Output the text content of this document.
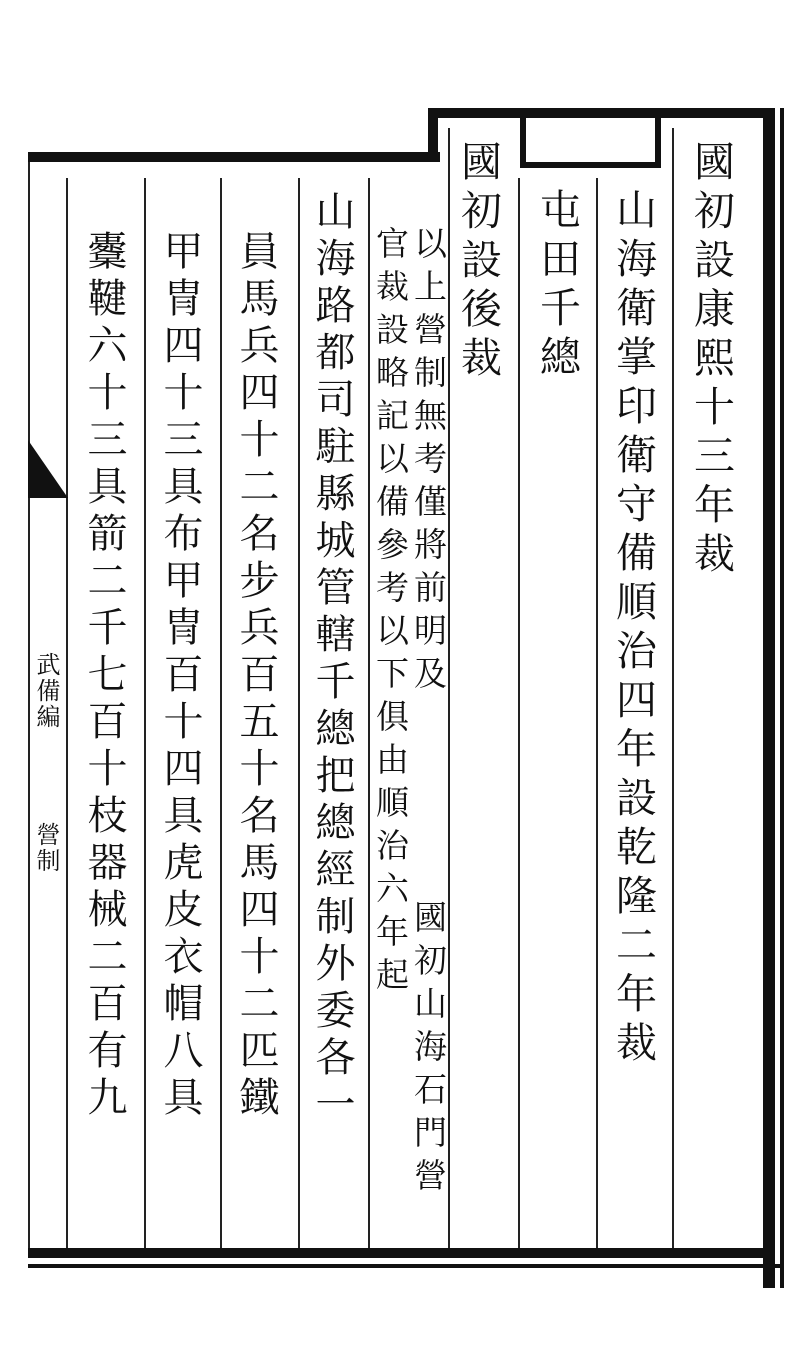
國初設康熙十三年裁
山海衛掌印衛守備順治四年設乾隆二年裁
屯田千總
國初設後裁
以上營制無考僅將前明及
國初山海石門營
官裁設略記以備參考以下俱由順治六年起
山海路都司駐縣城管轄千總把總經制外委各一
員馬兵四十二名步兵百五十名馬四十二匹鐵
甲冑四十三具布甲冑百十四具虎皮衣帽八具
櫜鞬六十三具箭二千七百十枝器械二百有九
武備編
營制
